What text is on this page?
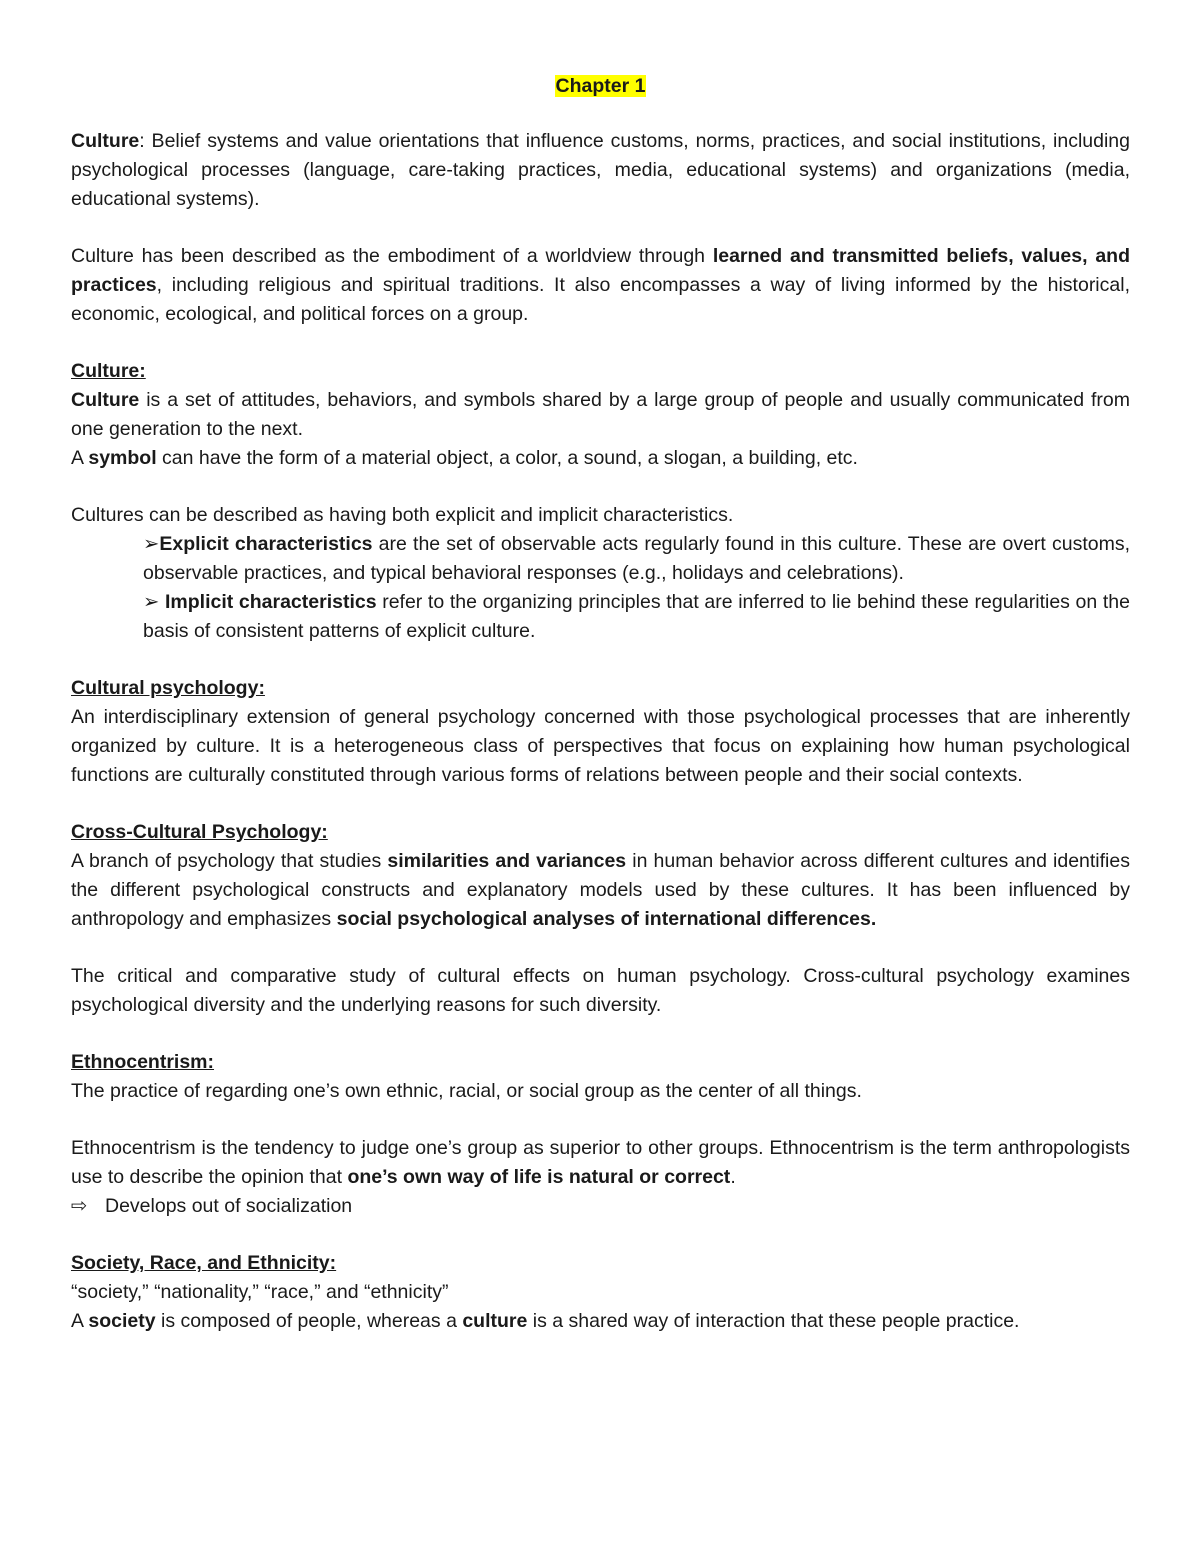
Chapter 1

Culture: Belief systems and value orientations that influence customs, norms, practices, and social institutions, including psychological processes (language, care-taking practices, media, educational systems) and organizations (media, educational systems).

Culture has been described as the embodiment of a worldview through learned and transmitted beliefs, values, and practices, including religious and spiritual traditions. It also encompasses a way of living informed by the historical, economic, ecological, and political forces on a group.

Culture:

Culture is a set of attitudes, behaviors, and symbols shared by a large group of people and usually communicated from one generation to the next.

A symbol can have the form of a material object, a color, a sound, a slogan, a building, etc.

Cultures can be described as having both explicit and implicit characteristics.

➢Explicit characteristics are the set of observable acts regularly found in this culture. These are overt customs, observable practices, and typical behavioral responses (e.g., holidays and celebrations).

➢ Implicit characteristics refer to the organizing principles that are inferred to lie behind these regularities on the basis of consistent patterns of explicit culture.

Cultural psychology:

An interdisciplinary extension of general psychology concerned with those psychological processes that are inherently organized by culture. It is a heterogeneous class of perspectives that focus on explaining how human psychological functions are culturally constituted through various forms of relations between people and their social contexts.

Cross-Cultural Psychology:

A branch of psychology that studies similarities and variances in human behavior across different cultures and identifies the different psychological constructs and explanatory models used by these cultures. It has been influenced by anthropology and emphasizes social psychological analyses of international differences.

The critical and comparative study of cultural effects on human psychology. Cross-cultural psychology examines psychological diversity and the underlying reasons for such diversity.

Ethnocentrism:

The practice of regarding one’s own ethnic, racial, or social group as the center of all things.

Ethnocentrism is the tendency to judge one’s group as superior to other groups. Ethnocentrism is the term anthropologists use to describe the opinion that one’s own way of life is natural or correct.

⇨ Develops out of socialization

Society, Race, and Ethnicity:

“society,” “nationality,” “race,” and “ethnicity”

A society is composed of people, whereas a culture is a shared way of interaction that these people practice.
